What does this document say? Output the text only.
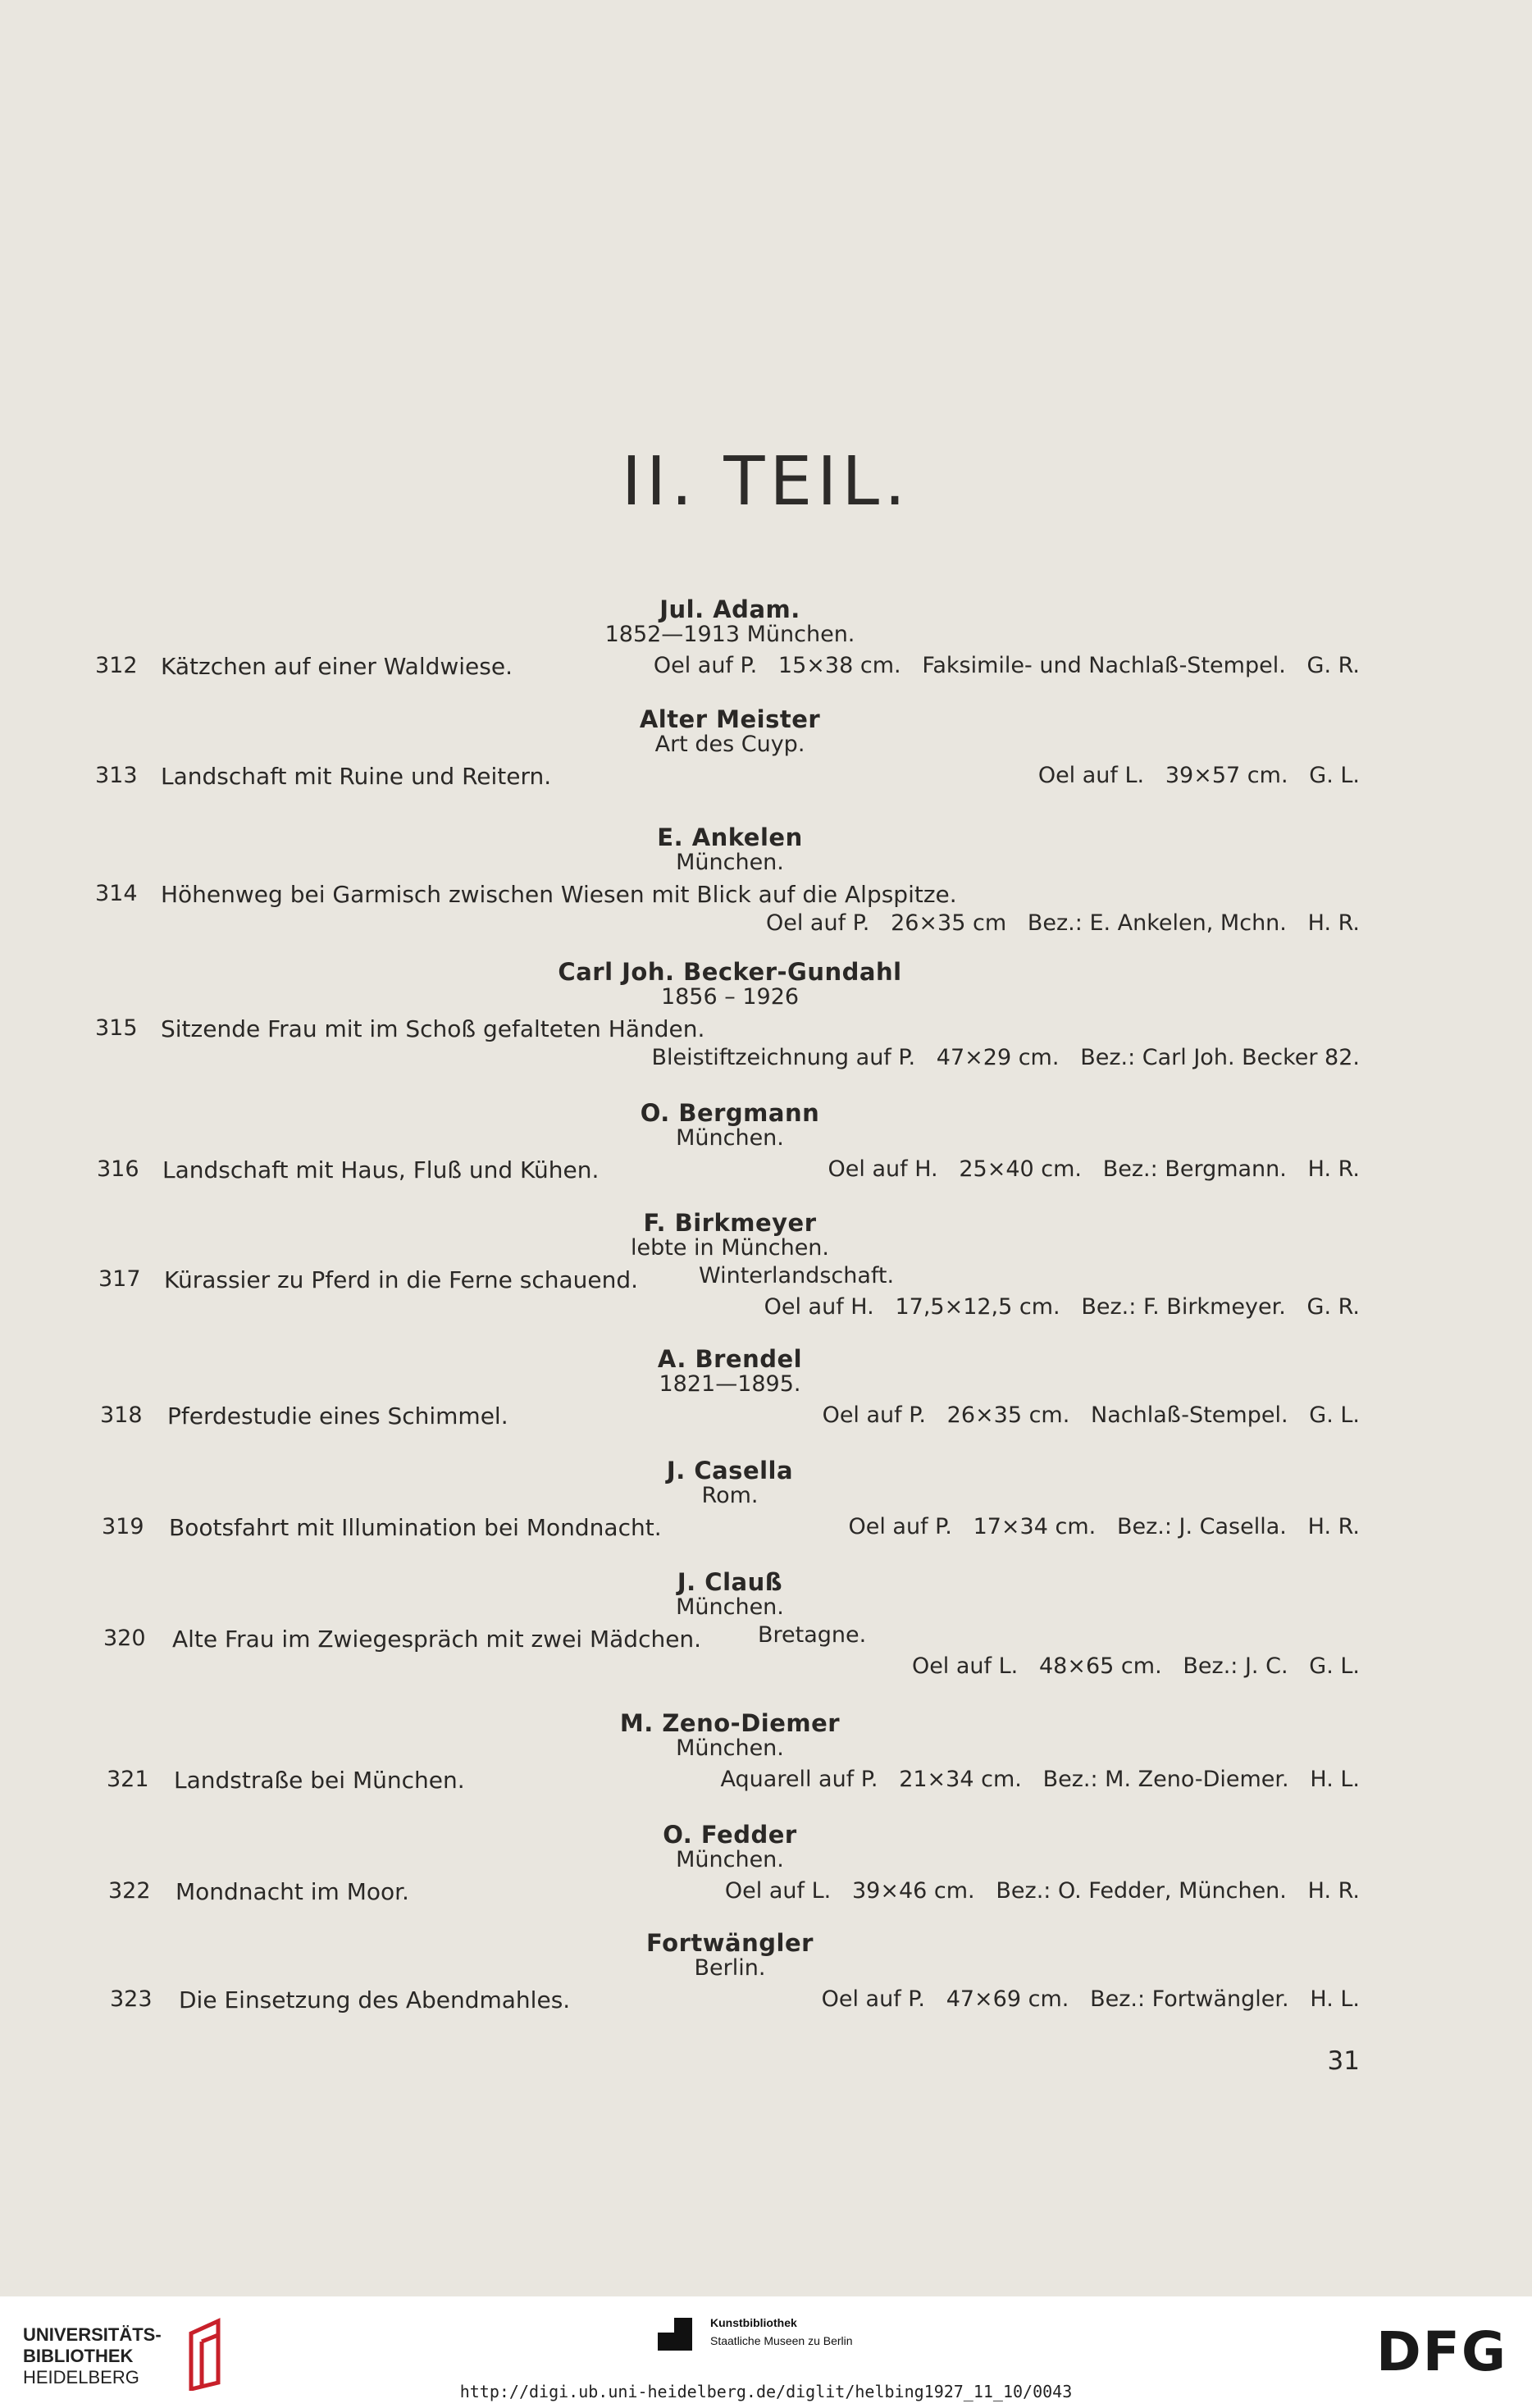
II. TEIL.
Jul. Adam.
1852—1913 München.
312 Kätzchen auf einer Waldwiese.	Oel auf P.   15×38 cm.   Faksimile- und Nachlaß-Stempel.   G. R.
Alter Meister
Art des Cuyp.
313 Landschaft mit Ruine und Reitern.	Oel auf L.   39×57 cm.   G. L.
E. Ankelen
München.
314 Höhenweg bei Garmisch zwischen Wiesen mit Blick auf die Alpspitze.
Oel auf P.   26×35 cm   Bez.: E. Ankelen, Mchn.   H. R.
Carl Joh. Becker-Gundahl
1856 – 1926
315 Sitzende Frau mit im Schoß gefalteten Händen.
Bleistiftzeichnung auf P.   47×29 cm.   Bez.: Carl Joh. Becker 82.
O. Bergmann
München.
316 Landschaft mit Haus, Fluß und Kühen.	Oel auf H.   25×40 cm.   Bez.: Bergmann.   H. R.
F. Birkmeyer
lebte in München.
317 Kürassier zu Pferd in die Ferne schauend.	Winterlandschaft.
Oel auf H.   17,5×12,5 cm.   Bez.: F. Birkmeyer.   G. R.
A. Brendel
1821—1895.
318 Pferdestudie eines Schimmel.	Oel auf P.   26×35 cm.   Nachlaß-Stempel.   G. L.
J. Casella
Rom.
319 Bootsfahrt mit Illumination bei Mondnacht.	Oel auf P.   17×34 cm.   Bez.: J. Casella.   H. R.
J. Clauß
München.
320 Alte Frau im Zwiegespräch mit zwei Mädchen.	Bretagne.
Oel auf L.   48×65 cm.   Bez.: J. C.   G. L.
M. Zeno-Diemer
München.
321 Landstraße bei München.	Aquarell auf P.   21×34 cm.   Bez.: M. Zeno-Diemer.   H. L.
O. Fedder
München.
322 Mondnacht im Moor.	Oel auf L.   39×46 cm.   Bez.: O. Fedder, München.   H. R.
Fortwängler
Berlin.
323 Die Einsetzung des Abendmahles.	Oel auf P.   47×69 cm.   Bez.: Fortwängler.   H. L.
31
UNIVERSITÄTS-
BIBLIOTHEK
HEIDELBERG
Kunstbibliothek
Staatliche Museen zu Berlin	DFG
http://digi.ub.uni-heidelberg.de/diglit/helbing1927_11_10/0043
